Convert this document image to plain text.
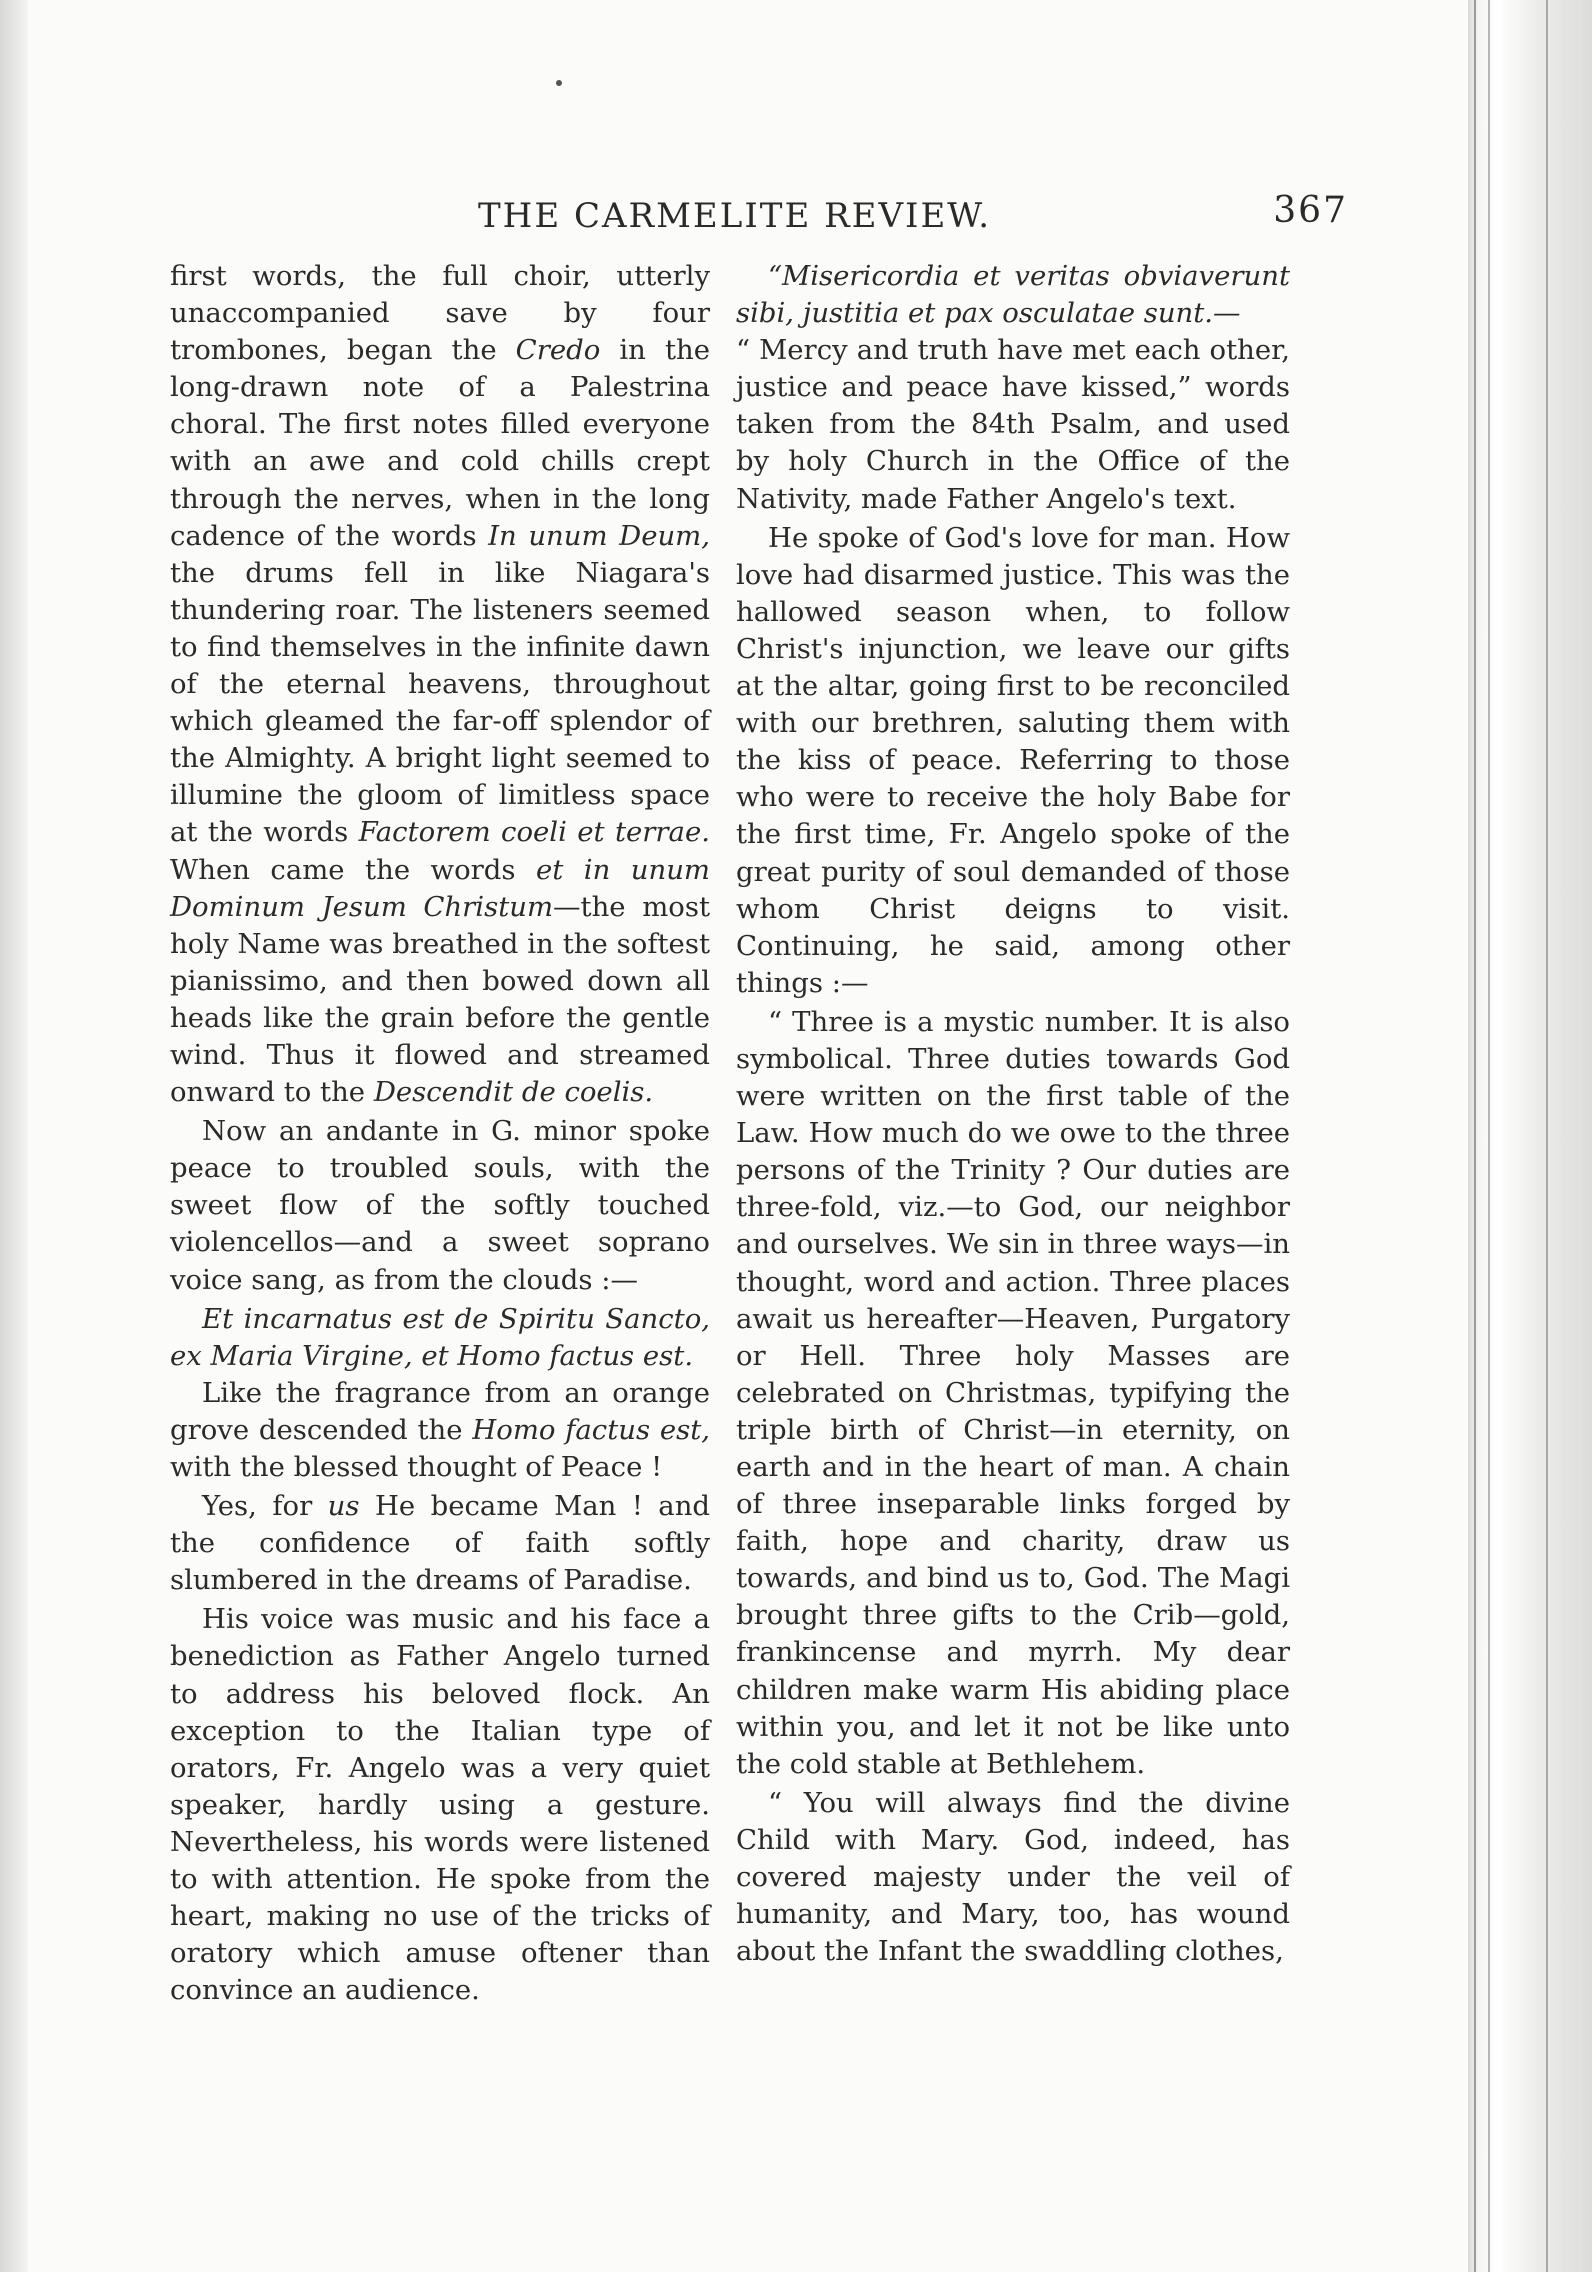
THE CARMELITE REVIEW.	367

first words, the full choir, utterly unaccompanied save by four trombones, began the Credo in the long-drawn note of a Palestrina choral. The first notes filled everyone with an awe and cold chills crept through the nerves, when in the long cadence of the words In unum Deum, the drums fell in like Niagara's thundering roar. The listeners seemed to find themselves in the infinite dawn of the eternal heavens, throughout which gleamed the far-off splendor of the Almighty. A bright light seemed to illumine the gloom of limitless space at the words Factorem coeli et terrae. When came the words et in unum Dominum Jesum Christum—the most holy Name was breathed in the softest pianissimo, and then bowed down all heads like the grain before the gentle wind. Thus it flowed and streamed onward to the Descendit de coelis.

Now an andante in G. minor spoke peace to troubled souls, with the sweet flow of the softly touched violencellos—and a sweet soprano voice sang, as from the clouds :—

Et incarnatus est de Spiritu Sancto, ex Maria Virgine, et Homo factus est.

Like the fragrance from an orange grove descended the Homo factus est, with the blessed thought of Peace !

Yes, for us He became Man ! and the confidence of faith softly slumbered in the dreams of Paradise.

His voice was music and his face a benediction as Father Angelo turned to address his beloved flock. An exception to the Italian type of orators, Fr. Angelo was a very quiet speaker, hardly using a gesture. Nevertheless, his words were listened to with attention. He spoke from the heart, making no use of the tricks of oratory which amuse oftener than convince an audience.

“Misericordia et veritas obviaverunt sibi, justitia et pax osculatae sunt.—

“ Mercy and truth have met each other, justice and peace have kissed,” words taken from the 84th Psalm, and used by holy Church in the Office of the Nativity, made Father Angelo's text.

He spoke of God's love for man. How love had disarmed justice. This was the hallowed season when, to follow Christ's injunction, we leave our gifts at the altar, going first to be reconciled with our brethren, saluting them with the kiss of peace. Referring to those who were to receive the holy Babe for the first time, Fr. Angelo spoke of the great purity of soul demanded of those whom Christ deigns to visit. Continuing, he said, among other things :—

“ Three is a mystic number. It is also symbolical. Three duties towards God were written on the first table of the Law. How much do we owe to the three persons of the Trinity ? Our duties are three-fold, viz.—to God, our neighbor and ourselves. We sin in three ways—in thought, word and action. Three places await us hereafter—Heaven, Purgatory or Hell. Three holy Masses are celebrated on Christmas, typifying the triple birth of Christ—in eternity, on earth and in the heart of man. A chain of three inseparable links forged by faith, hope and charity, draw us towards, and bind us to, God. The Magi brought three gifts to the Crib—gold, frankincense and myrrh. My dear children make warm His abiding place within you, and let it not be like unto the cold stable at Bethlehem.

“ You will always find the divine Child with Mary. God, indeed, has covered majesty under the veil of humanity, and Mary, too, has wound about the Infant the swaddling clothes,
